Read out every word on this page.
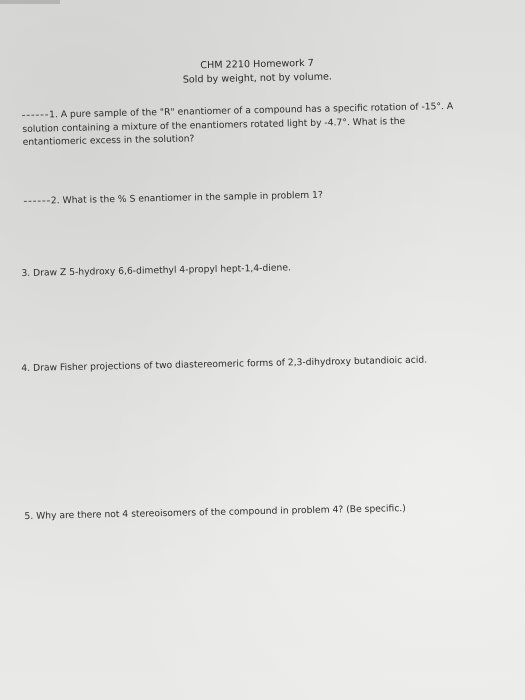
CHM 2210 Homework 7
Sold by weight, not by volume.
1. A pure sample of the "R" enantiomer of a compound has a specific rotation of -15°. A
solution containing a mixture of the enantiomers rotated light by -4.7°. What is the
entantiomeric excess in the solution?
2. What is the % S enantiomer in the sample in problem 1?
3. Draw Z 5-hydroxy 6,6-dimethyl 4-propyl hept-1,4-diene.
4. Draw Fisher projections of two diastereomeric forms of 2,3-dihydroxy butandioic acid.
5. Why are there not 4 stereoisomers of the compound in problem 4? (Be specific.)
